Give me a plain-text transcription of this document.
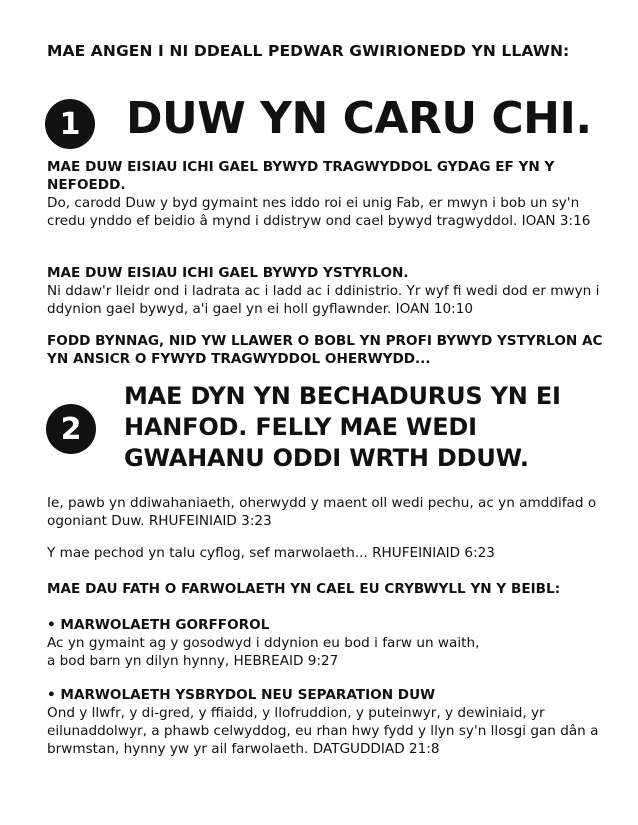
MAE ANGEN I NI DDEALL PEDWAR GWIRIONEDD YN LLAWN:
1	DUW YN CARU CHI.
MAE DUW EISIAU ICHI GAEL BYWYD TRAGWYDDOL GYDAG EF YN Y NEFOEDD.
Do, carodd Duw y byd gymaint nes iddo roi ei unig Fab, er mwyn i bob un sy'n credu ynddo ef beidio â mynd i ddistryw ond cael bywyd tragwyddol. IOAN 3:16
MAE DUW EISIAU ICHI GAEL BYWYD YSTYRLON.
Ni ddaw'r lleidr ond i ladrata ac i ladd ac i ddinistrio. Yr wyf fi wedi dod er mwyn i ddynion gael bywyd, a'i gael yn ei holl gyflawnder. IOAN 10:10
FODD BYNNAG, NID YW LLAWER O BOBL YN PROFI BYWYD YSTYRLON AC YN ANSICR O FYWYD TRAGWYDDOL OHERWYDD...
2
MAE DYN YN BECHADURUS YN EI HANFOD. FELLY MAE WEDI GWAHANU ODDI WRTH DDUW.
Ie, pawb yn ddiwahaniaeth, oherwydd y maent oll wedi pechu, ac yn amddifad o ogoniant Duw. RHUFEINIAID 3:23
Y mae pechod yn talu cyflog, sef marwolaeth... RHUFEINIAID 6:23
MAE DAU FATH O FARWOLAETH YN CAEL EU CRYBWYLL YN Y BEIBL:
• MARWOLAETH GORFFOROL
Ac yn gymaint ag y gosodwyd i ddynion eu bod i farw un waith,
a bod barn yn dilyn hynny, HEBREAID 9:27
• MARWOLAETH YSBRYDOL NEU SEPARATION DUW
Ond y llwfr, y di-gred, y ffiaidd, y llofruddion, y puteinwyr, y dewiniaid, yr eilunaddolwyr, a phawb celwyddog, eu rhan hwy fydd y llyn sy'n llosgi gan dân a brwmstan, hynny yw yr ail farwolaeth. DATGUDDIAD 21:8
